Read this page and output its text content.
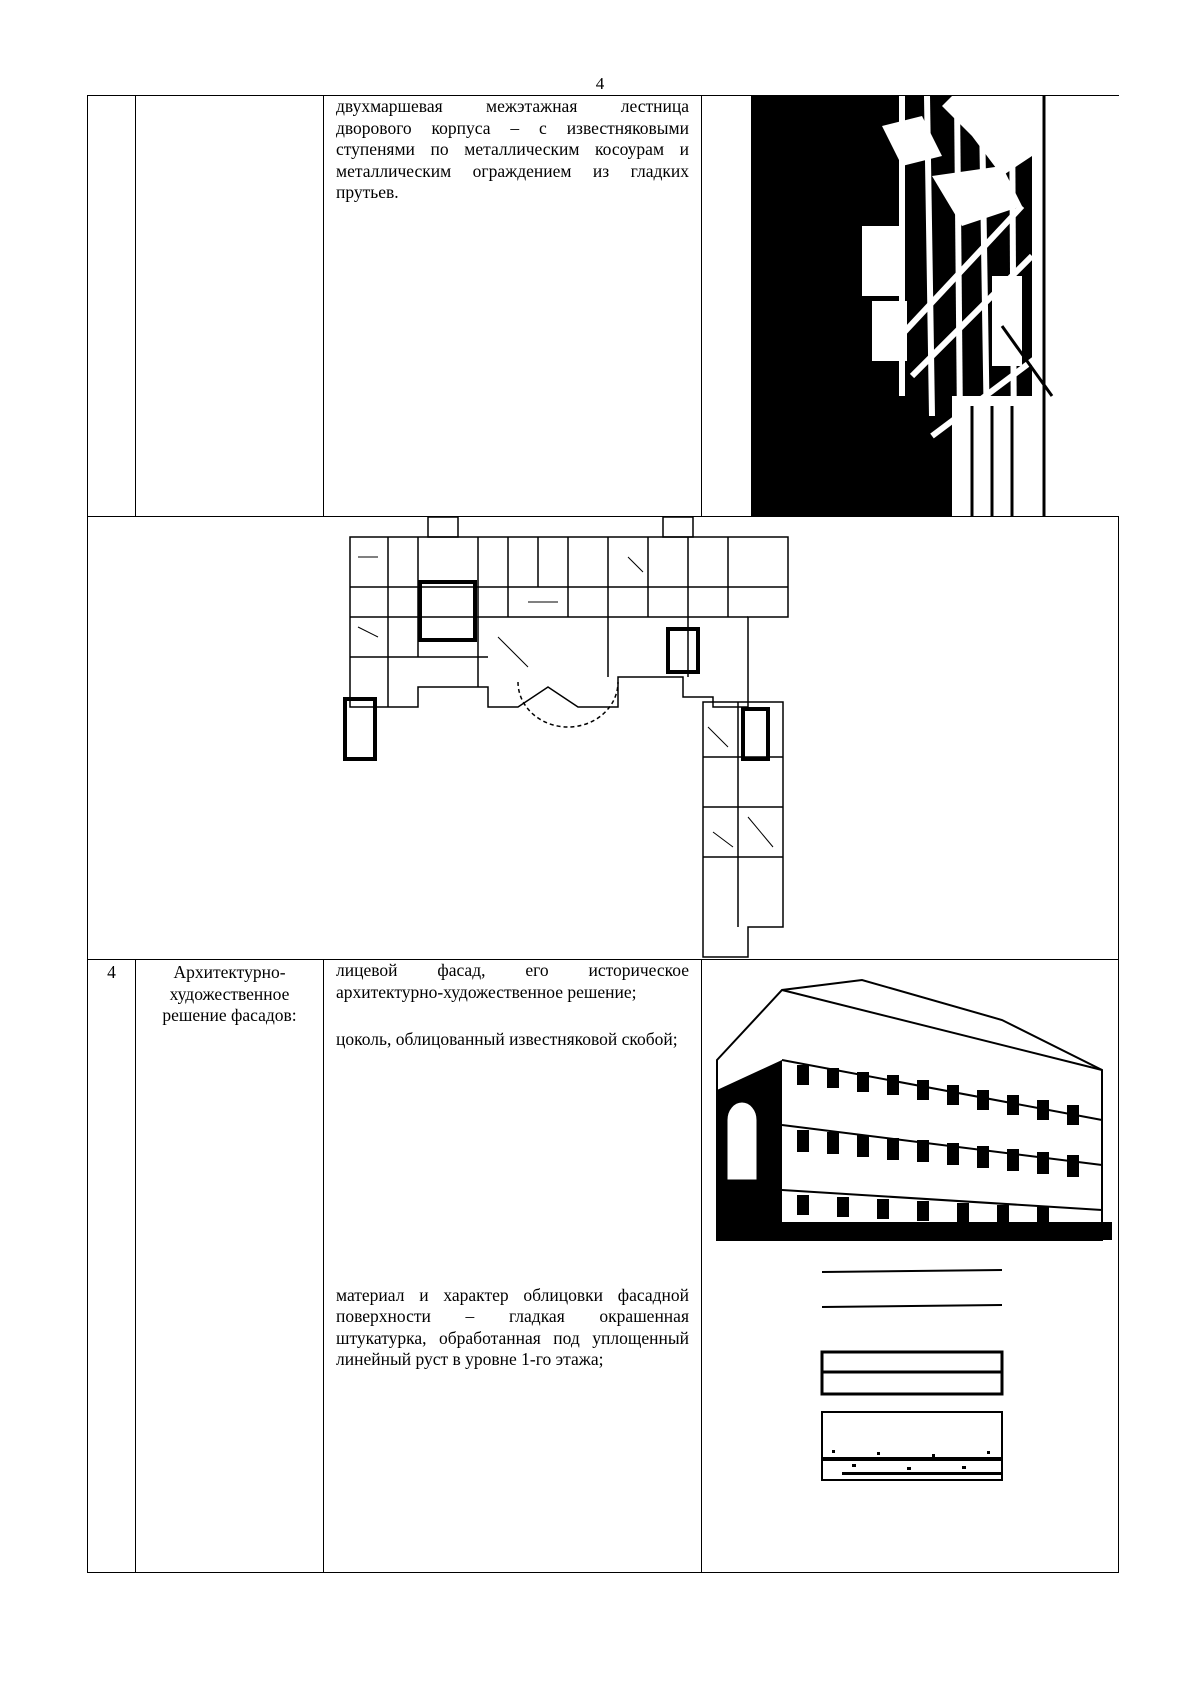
4

		двухмаршевая межэтажная лестница дворового корпуса – с известняковыми ступенями по металлическим косоурам и металлическим ограждением из гладких прутьев.

4	Архитектурно-художественное решение фасадов:	лицевой фасад, его историческое архитектурно-художественное решение;

цоколь, облицованный известняковой скобой;

материал и характер облицовки фасадной поверхности – гладкая окрашенная штукатурка, обработанная под уплощенный линейный руст в уровне 1-го этажа;
